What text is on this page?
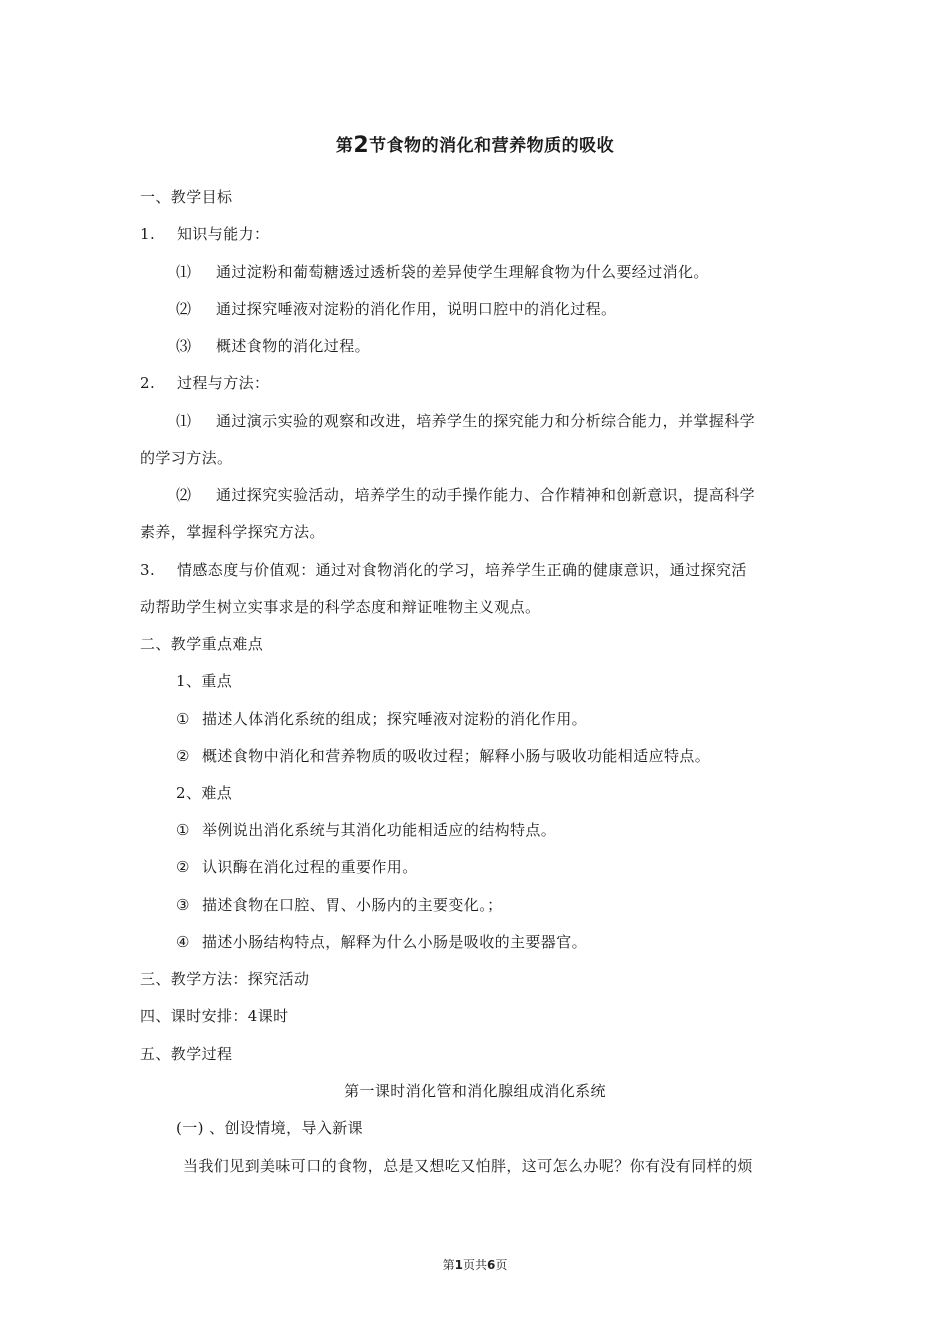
第2节食物的消化和营养物质的吸收
一、教学目标
1. 知识与能力：
⑴ 通过淀粉和葡萄糖透过透析袋的差异使学生理解食物为什么要经过消化。
⑵ 通过探究唾液对淀粉的消化作用，说明口腔中的消化过程。
⑶ 概述食物的消化过程。
2. 过程与方法：
⑴ 通过演示实验的观察和改进，培养学生的探究能力和分析综合能力，并掌握科学
的学习方法。
⑵ 通过探究实验活动，培养学生的动手操作能力、合作精神和创新意识，提高科学
素养，掌握科学探究方法。
3. 情感态度与价值观：通过对食物消化的学习，培养学生正确的健康意识，通过探究活
动帮助学生树立实事求是的科学态度和辩证唯物主义观点。
二、教学重点难点
1、重点
① 描述人体消化系统的组成；探究唾液对淀粉的消化作用。
② 概述食物中消化和营养物质的吸收过程；解释小肠与吸收功能相适应特点。
2、难点
① 举例说出消化系统与其消化功能相适应的结构特点。
② 认识酶在消化过程的重要作用。
③ 描述食物在口腔、胃、小肠内的主要变化。；
④ 描述小肠结构特点，解释为什么小肠是吸收的主要器官。
三、教学方法：探究活动
四、课时安排：4课时
五、教学过程
第一课时消化管和消化腺组成消化系统
(一) 、创设情境，导入新课
当我们见到美味可口的食物，总是又想吃又怕胖，这可怎么办呢？你有没有同样的烦
第1页共6页
